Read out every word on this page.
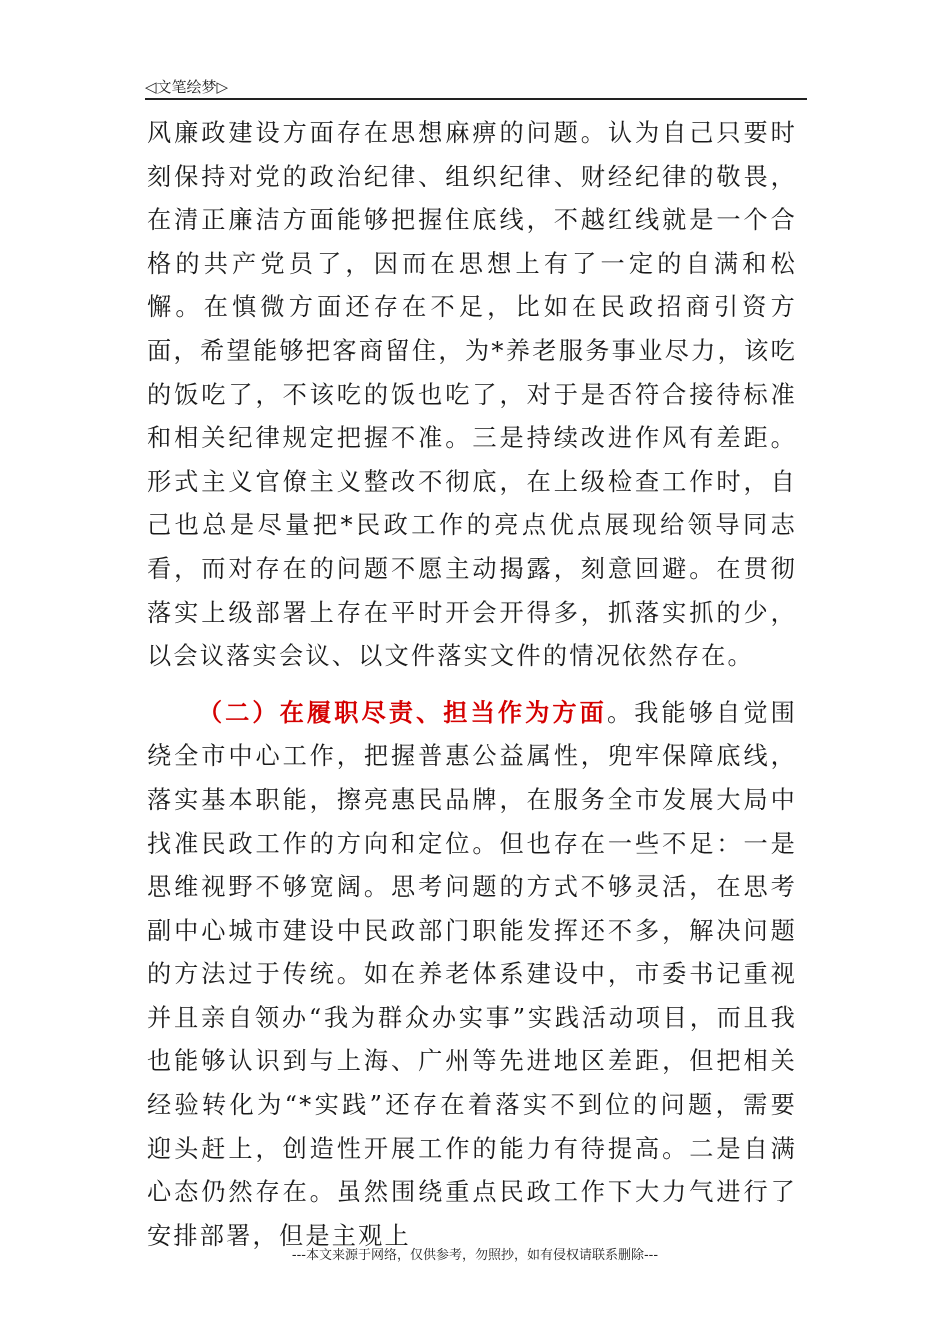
◁文笔绘梦▷

风廉政建设方面存在思想麻痹的问题。认为自己只要时刻保持对党的政治纪律、组织纪律、财经纪律的敬畏，在清正廉洁方面能够把握住底线，不越红线就是一个合格的共产党员了，因而在思想上有了一定的自满和松懈。在慎微方面还存在不足，比如在民政招商引资方面，希望能够把客商留住，为*养老服务事业尽力，该吃的饭吃了，不该吃的饭也吃了，对于是否符合接待标准和相关纪律规定把握不准。三是持续改进作风有差距。形式主义官僚主义整改不彻底，在上级检查工作时，自己也总是尽量把*民政工作的亮点优点展现给领导同志看，而对存在的问题不愿主动揭露，刻意回避。在贯彻落实上级部署上存在平时开会开得多，抓落实抓的少，以会议落实会议、以文件落实文件的情况依然存在。

（二）在履职尽责、担当作为方面。我能够自觉围绕全市中心工作，把握普惠公益属性，兜牢保障底线，落实基本职能，擦亮惠民品牌，在服务全市发展大局中找准民政工作的方向和定位。但也存在一些不足：一是思维视野不够宽阔。思考问题的方式不够灵活，在思考副中心城市建设中民政部门职能发挥还不多，解决问题的方法过于传统。如在养老体系建设中，市委书记重视并且亲自领办“我为群众办实事”实践活动项目，而且我也能够认识到与上海、广州等先进地区差距，但把相关经验转化为“*实践”还存在着落实不到位的问题，需要迎头赶上，创造性开展工作的能力有待提高。二是自满心态仍然存在。虽然围绕重点民政工作下大力气进行了安排部署，但是主观上

---本文来源于网络，仅供参考，勿照抄，如有侵权请联系删除---
